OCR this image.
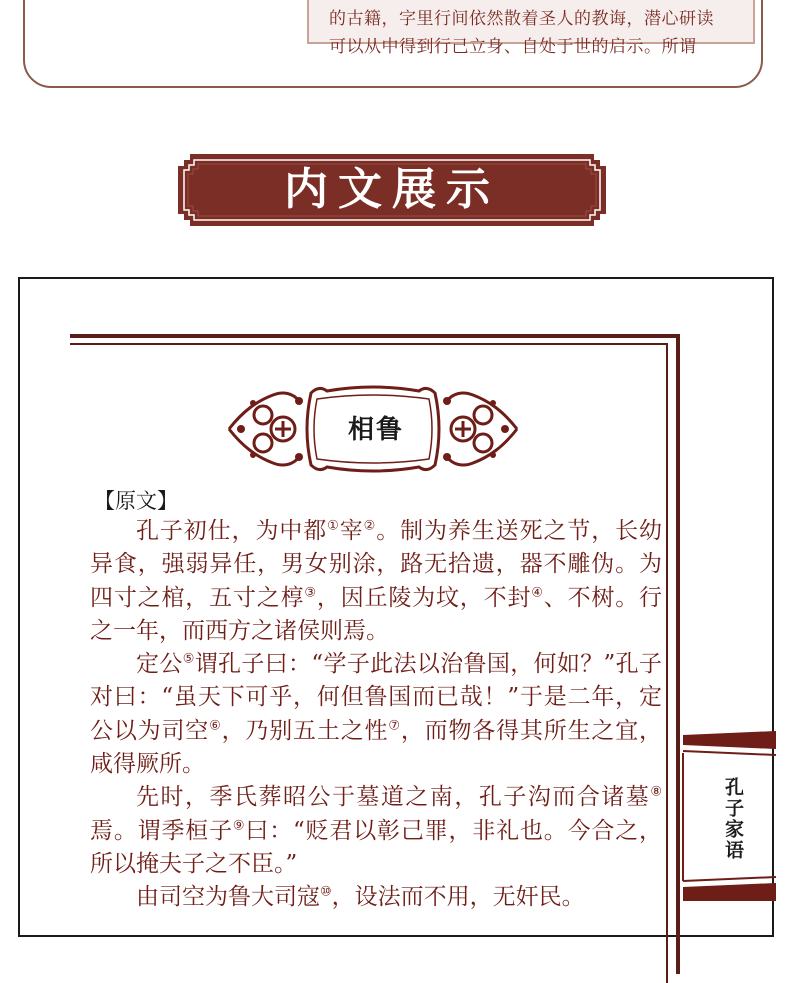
的古籍，字里行间依然散着圣人的教诲，潜心研读

可以从中得到行己立身、自处于世的启示。所谓

内文展示
相鲁
【原文】

孔子初仕，为中都①宰②。制为养生送死之节，长幼异食，强弱异任，男女别涂，路无拾遗，器不雕伪。为四寸之棺，五寸之椁③，因丘陵为坟，不封④、不树。行之一年，而西方之诸侯则焉。

定公⑤谓孔子曰：“学子此法以治鲁国，何如？”孔子对曰：“虽天下可乎，何但鲁国而已哉！”于是二年，定公以为司空⑥，乃别五土之性⑦，而物各得其所生之宜，咸得厥所。

先时，季氏葬昭公于墓道之南，孔子沟而合诸墓⑧焉。谓季桓子⑨曰：“贬君以彰己罪，非礼也。今合之，所以掩夫子之不臣。”

由司空为鲁大司寇⑩，设法而不用，无奸民。

孔子家语
